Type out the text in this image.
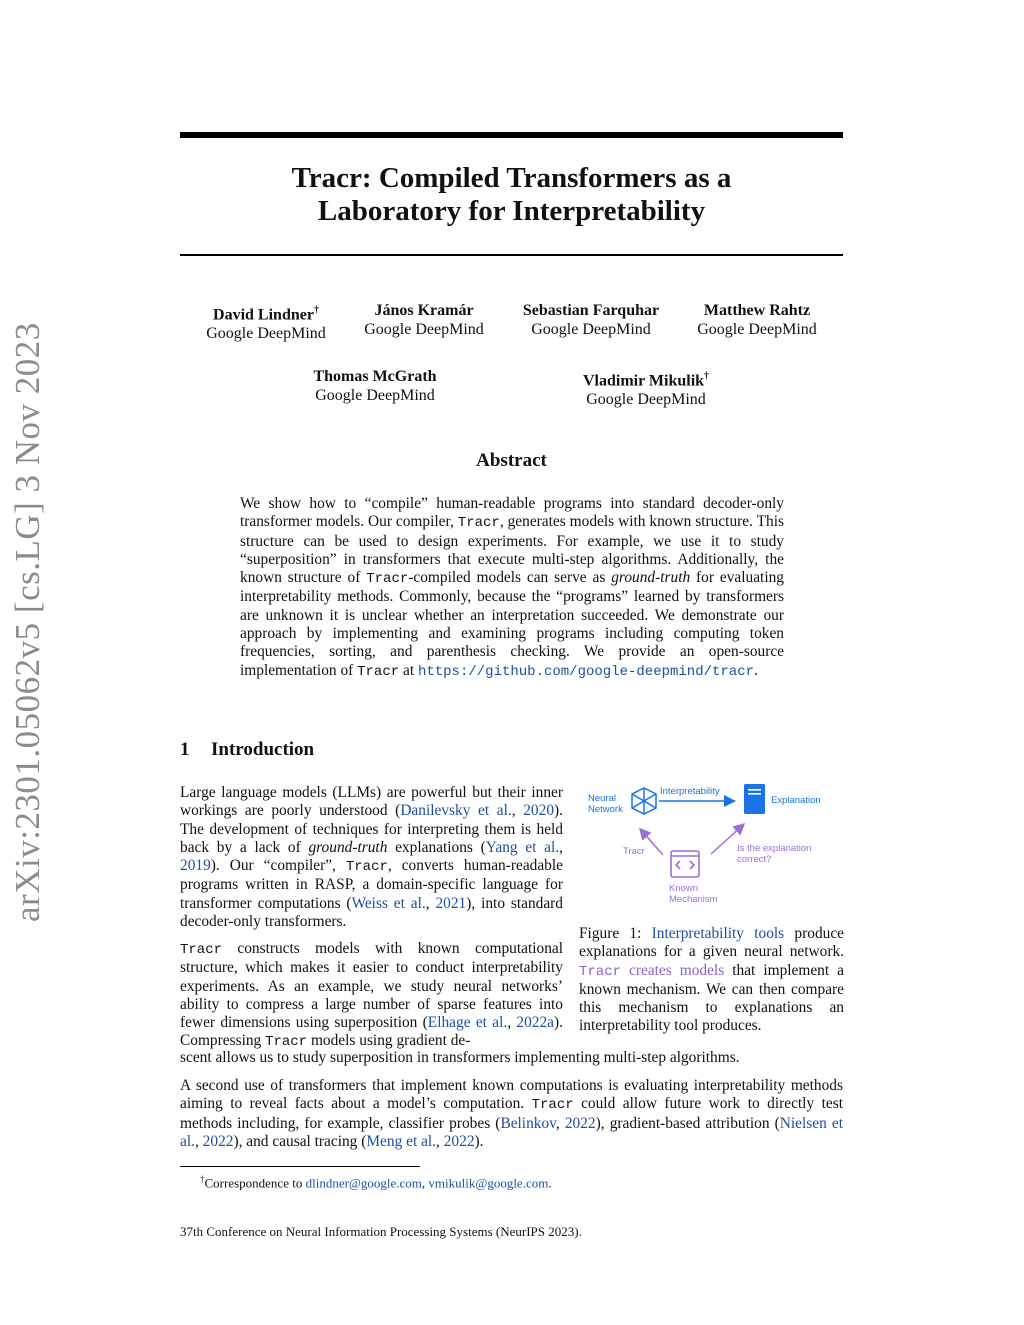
arXiv:2301.05062v5 [cs.LG] 3 Nov 2023
Tracr: Compiled Transformers as a
Laboratory for Interpretability
David Lindner†
Google DeepMind
János Kramár
Google DeepMind
Sebastian Farquhar
Google DeepMind
Matthew Rahtz
Google DeepMind
Thomas McGrath
Google DeepMind
Vladimir Mikulik†
Google DeepMind
Abstract
We show how to “compile” human-readable programs into standard decoder-only transformer models. Our compiler, Tracr, generates models with known structure. This structure can be used to design experiments. For example, we use it to study “superposition” in transformers that execute multi-step algorithms. Additionally, the known structure of Tracr-compiled models can serve as ground-truth for evaluating interpretability methods. Commonly, because the “programs” learned by transformers are unknown it is unclear whether an interpretation succeeded. We demonstrate our approach by implementing and examining programs including computing token frequencies, sorting, and parenthesis checking. We provide an open-source implementation of Tracr at https://github.com/google-deepmind/tracr.
1 Introduction
Large language models (LLMs) are powerful but their inner workings are poorly understood (Danilevsky et al., 2020). The development of techniques for interpreting them is held back by a lack of ground-truth explanations (Yang et al., 2019). Our “compiler”, Tracr, converts human-readable programs written in RASP, a domain-specific language for transformer computations (Weiss et al., 2021), into standard decoder-only transformers.
Tracr constructs models with known computational structure, which makes it easier to conduct interpretability experiments. As an example, we study neural networks’ ability to compress a large number of sparse features into fewer dimensions using superposition (Elhage et al., 2022a). Compressing Tracr models using gradient de-
scent allows us to study superposition in transformers implementing multi-step algorithms.
A second use of transformers that implement known computations is evaluating interpretability methods aiming to reveal facts about a model’s computation. Tracr could allow future work to directly test methods including, for example, classifier probes (Belinkov, 2022), gradient-based attribution (Nielsen et al., 2022), and causal tracing (Meng et al., 2022).
Neural
Network
Interpretability
Explanation
Tracr
Known
Mechanism
Is the explanation
correct?
Figure 1: Interpretability tools produce explanations for a given neural network. Tracr creates models that implement a known mechanism. We can then compare this mechanism to explanations an interpretability tool produces.
†Correspondence to dlindner@google.com, vmikulik@google.com.
37th Conference on Neural Information Processing Systems (NeurIPS 2023).
